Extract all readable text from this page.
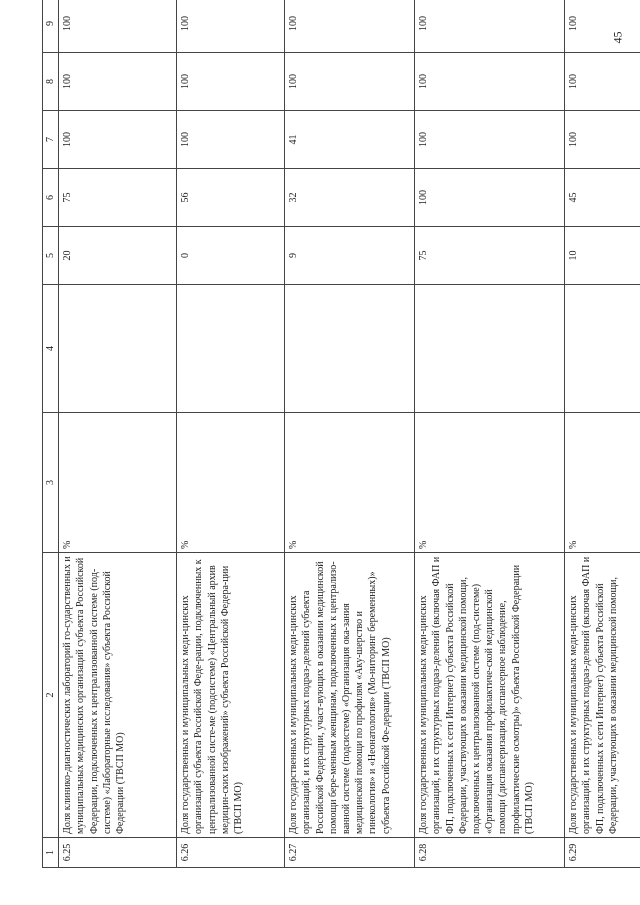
45
1	2	3	4	5	6	7	8	9	
6.25	Доля клинико-диагностических лабораторий го-сударственных и муниципальных медицинских организаций субъекта Российской Федерации, подключенных к централизованной системе (под-системе) «Лабораторные исследования» субъекта Российской Федерации (ТВСП МО)	%		20	75	100	100	100	
6.26	Доля государственных и муниципальных меди-цинских организаций субъекта Российской Феде-рации, подключенных к централизованной систе-ме (подсистеме) «Центральный архив медицин-ских изображений» субъекта Российской Федера-ции (ТВСП МО)	%		0	56	100	100	100	
6.27	Доля государственных и муниципальных меди-цинских организаций, и их структурных подраз-делений субъекта Российской Федерации, участ-вующих в оказании медицинской помощи бере-менным женщинам, подключенных к централизо-ванной системе (подсистеме) «Организация ока-зания медицинской помощи по профилям «Аку-шерство и гинекология» и «Неонатология» (Мо-ниторинг беременных)» субъекта Российской Фе-дерации (ТВСП МО)	%		9	32	41	100	100	
6.28	Доля государственных и муниципальных меди-цинских организаций, и их структурных подраз-делений (включая ФАП и ФП, подключенных к сети Интернет) субъекта Российской Федерации, участвующих в оказании медицинской помощи, подключенных к централизованной системе (под-системе) «Организация оказания профилактиче-ской медицинской помощи (диспансеризация, диспансерное наблюдение, профилактические осмотры)» субъекта Российской Федерации (ТВСП МО)	%		75	100	100	100	100	
6.29	Доля государственных и муниципальных меди-цинских организаций, и их структурных подраз-делений (включая ФАП и ФП, подключенных к сети Интернет) субъекта Российской Федерации, участвующих в оказании медицинской помощи,	%		10	45	100	100	100	
